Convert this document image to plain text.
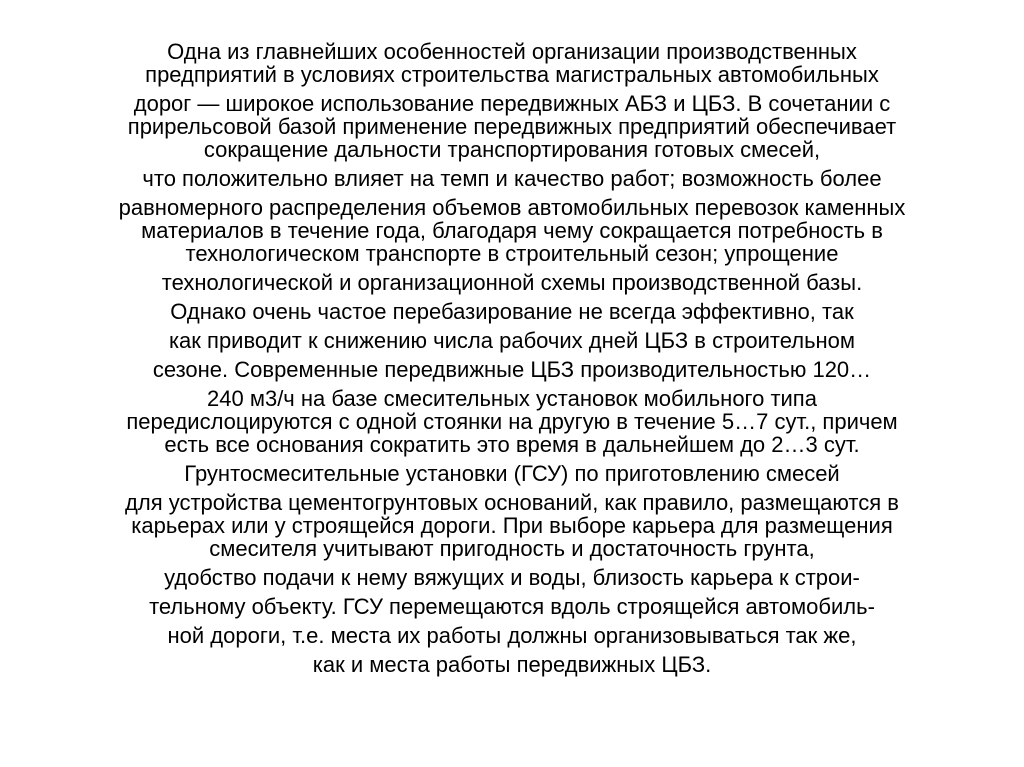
Одна из главнейших особенностей организации производственных
предприятий в условиях строительства магистральных автомобильных
дорог — широкое использование передвижных АБЗ и ЦБЗ. В сочетании с
прирельсовой базой применение передвижных предприятий обеспечивает
сокращение дальности транспортирования готовых смесей,
что положительно влияет на темп и качество работ; возможность более
равномерного распределения объемов автомобильных перевозок каменных
материалов в течение года, благодаря чему сокращается потребность в
технологическом транспорте в строительный сезон; упрощение
технологической и организационной схемы производственной базы.
Однако очень частое перебазирование не всегда эффективно, так
как приводит к снижению числа рабочих дней ЦБЗ в строительном
сезоне. Современные передвижные ЦБЗ производительностью 120…
240 м3/ч на базе смесительных установок мобильного типа
передислоцируются с одной стоянки на другую в течение 5…7 сут., причем
есть все основания сократить это время в дальнейшем до 2…3 сут.
Грунтосмесительные установки (ГСУ) по приготовлению смесей
для устройства цементогрунтовых оснований, как правило, размещаются в
карьерах или у строящейся дороги. При выборе карьера для размещения
смесителя учитывают пригодность и достаточность грунта,
удобство подачи к нему вяжущих и воды, близость карьера к строи-
тельному объекту. ГСУ перемещаются вдоль строящейся автомобиль-
ной дороги, т.е. места их работы должны организовываться так же,
как и места работы передвижных ЦБЗ.
